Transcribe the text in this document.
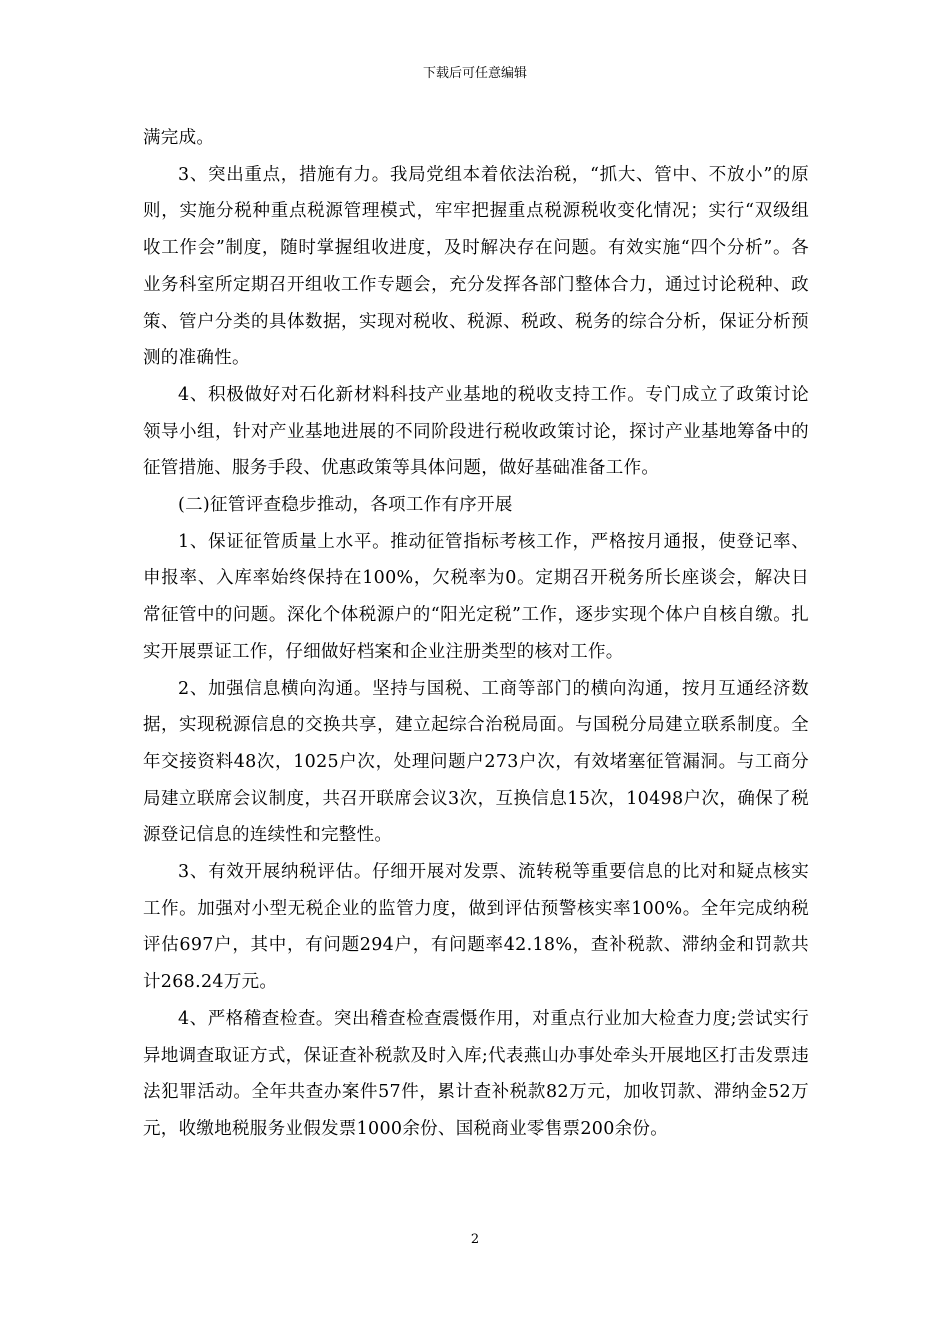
下载后可任意编辑

满完成。

3、突出重点，措施有力。我局党组本着依法治税，“抓大、管中、不放小”的原则，实施分税种重点税源管理模式，牢牢把握重点税源税收变化情况；实行“双级组收工作会”制度，随时掌握组收进度，及时解决存在问题。有效实施“四个分析”。各业务科室所定期召开组收工作专题会，充分发挥各部门整体合力，通过讨论税种、政策、管户分类的具体数据，实现对税收、税源、税政、税务的综合分析，保证分析预测的准确性。

4、积极做好对石化新材料科技产业基地的税收支持工作。专门成立了政策讨论领导小组，针对产业基地进展的不同阶段进行税收政策讨论，探讨产业基地筹备中的征管措施、服务手段、优惠政策等具体问题，做好基础准备工作。

(二)征管评查稳步推动，各项工作有序开展

1、保证征管质量上水平。推动征管指标考核工作，严格按月通报，使登记率、申报率、入库率始终保持在100%，欠税率为0。定期召开税务所长座谈会，解决日常征管中的问题。深化个体税源户的“阳光定税”工作，逐步实现个体户自核自缴。扎实开展票证工作，仔细做好档案和企业注册类型的核对工作。

2、加强信息横向沟通。坚持与国税、工商等部门的横向沟通，按月互通经济数据，实现税源信息的交换共享，建立起综合治税局面。与国税分局建立联系制度。全年交接资料48次，1025户次，处理问题户273户次，有效堵塞征管漏洞。与工商分局建立联席会议制度，共召开联席会议3次，互换信息15次，10498户次，确保了税源登记信息的连续性和完整性。

3、有效开展纳税评估。仔细开展对发票、流转税等重要信息的比对和疑点核实工作。加强对小型无税企业的监管力度，做到评估预警核实率100%。全年完成纳税评估697户，其中，有问题294户，有问题率42.18%，查补税款、滞纳金和罚款共计268.24万元。

4、严格稽查检查。突出稽查检查震慑作用，对重点行业加大检查力度;尝试实行异地调查取证方式，保证查补税款及时入库;代表燕山办事处牵头开展地区打击发票违法犯罪活动。全年共查办案件57件，累计查补税款82万元，加收罚款、滞纳金52万元，收缴地税服务业假发票1000余份、国税商业零售票200余份。

2
